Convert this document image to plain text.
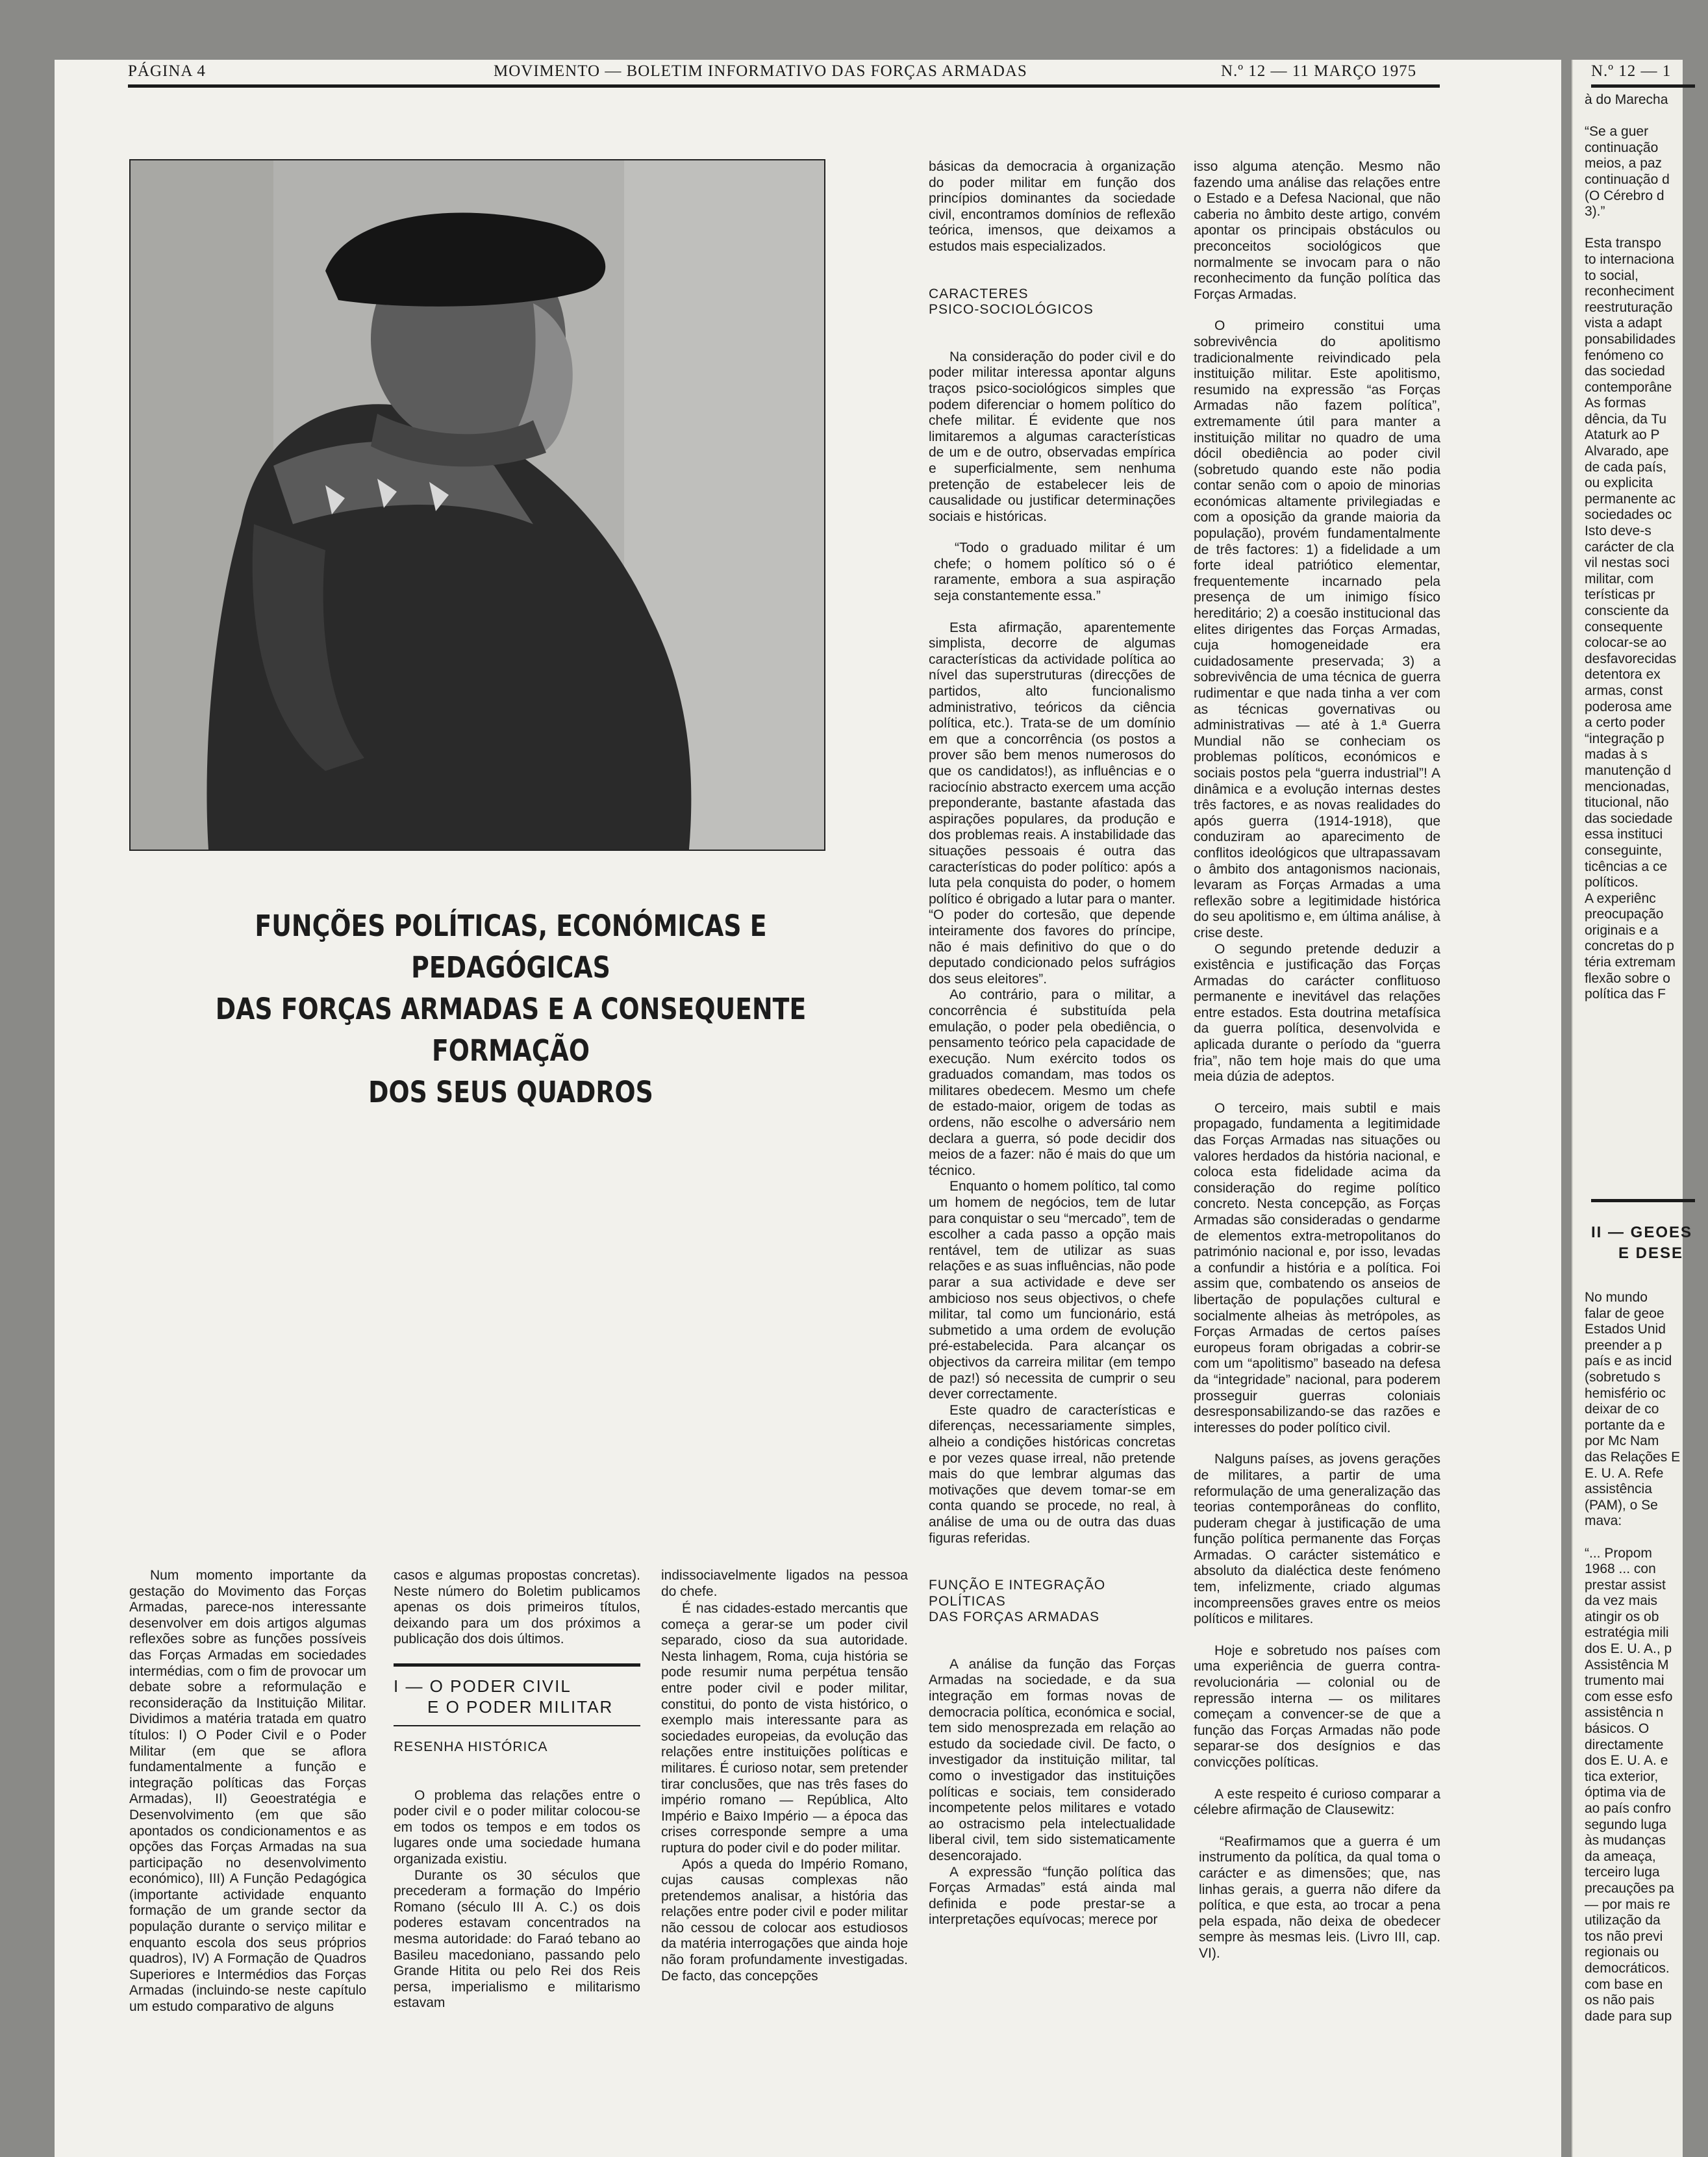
PÁGINA 4	MOVIMENTO — BOLETIM INFORMATIVO DAS FORÇAS ARMADAS	N.º 12 — 11 MARÇO 1975
FUNÇÕES POLÍTICAS, ECONÓMICAS E PEDAGÓGICAS
DAS FORÇAS ARMADAS E A CONSEQUENTE FORMAÇÃO
DOS SEUS QUADROS

Num momento importante da gestação do Movimento das Forças Armadas, parece-nos interessante desenvolver em dois artigos algumas reflexões sobre as funções possíveis das Forças Armadas em sociedades intermédias, com o fim de provocar um debate sobre a reformulação e reconsideração da Instituição Militar. Dividimos a matéria tratada em quatro títulos: I) O Poder Civil e o Poder Militar (em que se aflora fundamentalmente a função e integração políticas das Forças Armadas), II) Geoestratégia e Desenvolvimento (em que são apontados os condicionamentos e as opções das Forças Armadas na sua participação no desenvolvimento económico), III) A Função Pedagógica (importante actividade enquanto formação de um grande sector da população durante o serviço militar e enquanto escola dos seus próprios quadros), IV) A Formação de Quadros Superiores e Intermédios das Forças Armadas (incluindo-se neste capítulo um estudo comparativo de alguns

casos e algumas propostas concretas). Neste número do Boletim publicamos apenas os dois primeiros títulos, deixando para um dos próximos a publicação dos dois últimos.

I — O PODER CIVIL

E O PODER MILITAR

RESENHA HISTÓRICA

O problema das relações entre o poder civil e o poder militar colocou-se em todos os tempos e em todos os lugares onde uma sociedade humana organizada existiu.

Durante os 30 séculos que precederam a formação do Império Romano (século III A. C.) os dois poderes estavam concentrados na mesma autoridade: do Faraó tebano ao Basileu macedoniano, passando pelo Grande Hitita ou pelo Rei dos Reis persa, imperialismo e militarismo estavam

indissociavelmente ligados na pessoa do chefe.

É nas cidades-estado mercantis que começa a gerar-se um poder civil separado, cioso da sua autoridade. Nesta linhagem, Roma, cuja história se pode resumir numa perpétua tensão entre poder civil e poder militar, constitui, do ponto de vista histórico, o exemplo mais interessante para as sociedades europeias, da evolução das relações entre instituições políticas e militares. É curioso notar, sem pretender tirar conclusões, que nas três fases do império romano — República, Alto Império e Baixo Império — a época das crises corresponde sempre a uma ruptura do poder civil e do poder militar.

Após a queda do Império Romano, cujas causas complexas não pretendemos analisar, a história das relações entre poder civil e poder militar não cessou de colocar aos estudiosos da matéria interrogações que ainda hoje não foram profundamente investigadas. De facto, das concepções

básicas da democracia à organização do poder militar em função dos princípios dominantes da sociedade civil, encontramos domínios de reflexão teórica, imensos, que deixamos a estudos mais especializados.

CARACTERES

PSICO-SOCIOLÓGICOS

Na consideração do poder civil e do poder militar interessa apontar alguns traços psico-sociológicos simples que podem diferenciar o homem político do chefe militar. É evidente que nos limitaremos a algumas características de um e de outro, observadas empírica e superficialmente, sem nenhuma pretenção de estabelecer leis de causalidade ou justificar determinações sociais e históricas.

“Todo o graduado militar é um chefe; o homem político só o é raramente, embora a sua aspiração seja constantemente essa.”

Esta afirmação, aparentemente simplista, decorre de algumas características da actividade política ao nível das superstruturas (direcções de partidos, alto funcionalismo administrativo, teóricos da ciência política, etc.). Trata-se de um domínio em que a concorrência (os postos a prover são bem menos numerosos do que os candidatos!), as influências e o raciocínio abstracto exercem uma acção preponderante, bastante afastada das aspirações populares, da produção e dos problemas reais. A instabilidade das situações pessoais é outra das características do poder político: após a luta pela conquista do poder, o homem político é obrigado a lutar para o manter. “O poder do cortesão, que depende inteiramente dos favores do príncipe, não é mais definitivo do que o do deputado condicionado pelos sufrágios dos seus eleitores”.

Ao contrário, para o militar, a concorrência é substituída pela emulação, o poder pela obediência, o pensamento teórico pela capacidade de execução. Num exército todos os graduados comandam, mas todos os militares obedecem. Mesmo um chefe de estado-maior, origem de todas as ordens, não escolhe o adversário nem declara a guerra, só pode decidir dos meios de a fazer: não é mais do que um técnico.

Enquanto o homem político, tal como um homem de negócios, tem de lutar para conquistar o seu “mercado”, tem de escolher a cada passo a opção mais rentável, tem de utilizar as suas relações e as suas influências, não pode parar a sua actividade e deve ser ambicioso nos seus objectivos, o chefe militar, tal como um funcionário, está submetido a uma ordem de evolução pré-estabelecida. Para alcançar os objectivos da carreira militar (em tempo de paz!) só necessita de cumprir o seu dever correctamente.

Este quadro de características e diferenças, necessariamente simples, alheio a condições históricas concretas e por vezes quase irreal, não pretende mais do que lembrar algumas das motivações que devem tomar-se em conta quando se procede, no real, à análise de uma ou de outra das duas figuras referidas.

FUNÇÃO E INTEGRAÇÃO

POLÍTICAS

DAS FORÇAS ARMADAS

A análise da função das Forças Armadas na sociedade, e da sua integração em formas novas de democracia política, económica e social, tem sido menosprezada em relação ao estudo da sociedade civil. De facto, o investigador da instituição militar, tal como o investigador das instituições políticas e sociais, tem considerado incompetente pelos militares e votado ao ostracismo pela intelectualidade liberal civil, tem sido sistematicamente desencorajado.

A expressão “função política das Forças Armadas” está ainda mal definida e pode prestar-se a interpretações equívocas; merece por

isso alguma atenção. Mesmo não fazendo uma análise das relações entre o Estado e a Defesa Nacional, que não caberia no âmbito deste artigo, convém apontar os principais obstáculos ou preconceitos sociológicos que normalmente se invocam para o não reconhecimento da função política das Forças Armadas.

O primeiro constitui uma sobrevivência do apolitismo tradicionalmente reivindicado pela instituição militar. Este apolitismo, resumido na expressão “as Forças Armadas não fazem política”, extremamente útil para manter a instituição militar no quadro de uma dócil obediência ao poder civil (sobretudo quando este não podia contar senão com o apoio de minorias económicas altamente privilegiadas e com a oposição da grande maioria da população), provém fundamentalmente de três factores: 1) a fidelidade a um forte ideal patriótico elementar, frequentemente incarnado pela presença de um inimigo físico hereditário; 2) a coesão institucional das elites dirigentes das Forças Armadas, cuja homogeneidade era cuidadosamente preservada; 3) a sobrevivência de uma técnica de guerra rudimentar e que nada tinha a ver com as técnicas governativas ou administrativas — até à 1.ª Guerra Mundial não se conheciam os problemas políticos, económicos e sociais postos pela “guerra industrial”! A dinâmica e a evolução internas destes três factores, e as novas realidades do após guerra (1914-1918), que conduziram ao aparecimento de conflitos ideológicos que ultrapassavam o âmbito dos antagonismos nacionais, levaram as Forças Armadas a uma reflexão sobre a legitimidade histórica do seu apolitismo e, em última análise, à crise deste.

O segundo pretende deduzir a existência e justificação das Forças Armadas do carácter conflituoso permanente e inevitável das relações entre estados. Esta doutrina metafísica da guerra política, desenvolvida e aplicada durante o período da “guerra fria”, não tem hoje mais do que uma meia dúzia de adeptos.

O terceiro, mais subtil e mais propagado, fundamenta a legitimidade das Forças Armadas nas situações ou valores herdados da história nacional, e coloca esta fidelidade acima da consideração do regime político concreto. Nesta concepção, as Forças Armadas são consideradas o gendarme de elementos extra-metropolitanos do património nacional e, por isso, levadas a confundir a história e a política. Foi assim que, combatendo os anseios de libertação de populações cultural e socialmente alheias às metrópoles, as Forças Armadas de certos países europeus foram obrigadas a cobrir-se com um “apolitismo” baseado na defesa da “integridade” nacional, para poderem prosseguir guerras coloniais desresponsabilizando-se das razões e interesses do poder político civil.

Nalguns países, as jovens gerações de militares, a partir de uma reformulação de uma generalização das teorias contemporâneas do conflito, puderam chegar à justificação de uma função política permanente das Forças Armadas. O carácter sistemático e absoluto da dialéctica deste fenómeno tem, infelizmente, criado algumas incompreensões graves entre os meios políticos e militares.

Hoje e sobretudo nos países com uma experiência de guerra contra-revolucionária — colonial ou de repressão interna — os militares começam a convencer-se de que a função das Forças Armadas não pode separar-se dos desígnios e das convicções políticas.

A este respeito é curioso comparar a célebre afirmação de Clausewitz:

“Reafirmamos que a guerra é um instrumento da política, da qual toma o carácter e as dimensões; que, nas linhas gerais, a guerra não difere da política, e que esta, ao trocar a pena pela espada, não deixa de obedecer sempre às mesmas leis. (Livro III, cap. VI).

N.º 12 — 1

à do Marecha

“Se a guer

continuação

meios, a paz

continuação d

(O Cérebro d

3).”

Esta transpo

to internaciona

to social,

reconheciment

reestruturação

vista a adapt

ponsabilidades

fenómeno co

das sociedad

contemporâne

As formas

dência, da Tu

Ataturk ao P

Alvarado, ape

de cada país,

ou explicita

permanente ac

sociedades oc

Isto deve-s

carácter de cla

vil nestas soci

militar, com

terísticas pr

consciente da

consequente

colocar-se ao

desfavorecidas

detentora ex

armas, const

poderosa ame

a certo poder

“integração p

madas à s

manutenção d

mencionadas,

titucional, não

das sociedade

essa instituci

conseguinte,

ticências a ce

políticos.

A experiênc

preocupação

originais e a

concretas do p

téria extremam

flexão sobre o

política das F

II — GEOES

E DESE

No mundo

falar de geoe

Estados Unid

preender a p

país e as incid

(sobretudo s

hemisfério oc

deixar de co

portante da e

por Mc Nam

das Relações E

E. U. A. Refe

assistência

(PAM), o Se

mava:

“... Propom

1968 ... con

prestar assist

da vez mais

atingir os ob

estratégia mili

dos E. U. A., p

Assistência M

trumento mai

com esse esfo

assistência n

básicos. O

directamente

dos E. U. A. e

tica exterior,

óptima via de

ao país confro

segundo luga

às mudanças

da ameaça,

terceiro luga

precauções pa

— por mais re

utilização da

tos não previ

regionais ou

democráticos.

com base en

os não pais

dade para sup
